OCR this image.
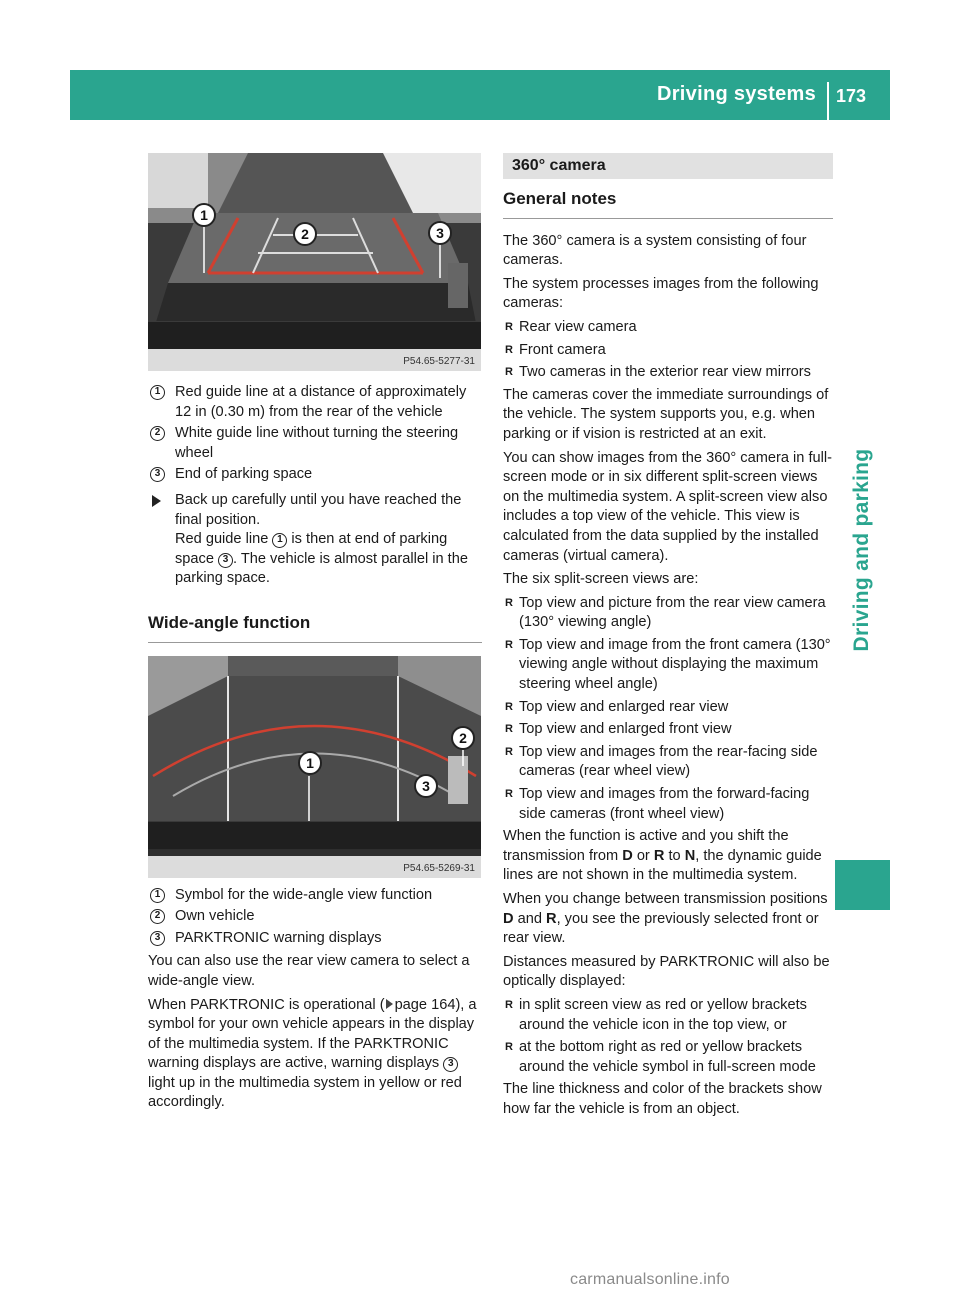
Driving systems 173
Driving and parking
1
2	3
P54.65-5277-31
1	Red guide line at a distance of approximately 12 in (0.30 m) from the rear of the vehicle
2	White guide line without turning the steering wheel
3	End of parking space
Back up carefully until you have reached the final position.
Red guide line 1 is then at end of parking space 3 . The vehicle is almost parallel in the parking space.
Wide-angle function
1
2
3
P54.65-5269-31
1	Symbol for the wide-angle view function
2	Own vehicle
3	PARKTRONIC warning displays

You can also use the rear view camera to select a wide-angle view.

When PARKTRONIC is operational ( page 164), a symbol for your own vehicle appears in the display of the multimedia system. If the PARKTRONIC warning displays are active, warning displays 3 light up in the multimedia system in yellow or red accordingly.

360° camera
General notes

The 360° camera is a system consisting of four cameras.

The system processes images from the following cameras:

R Rear view camera
R Front camera
R Two cameras in the exterior rear view mirrors

The cameras cover the immediate surroundings of the vehicle. The system supports you, e.g. when parking or if vision is restricted at an exit.

You can show images from the 360° camera in full-screen mode or in six different split-screen views on the multimedia system. A split-screen view also includes a top view of the vehicle. This view is calculated from the data supplied by the installed cameras (virtual camera).

The six split-screen views are:

R Top view and picture from the rear view camera (130° viewing angle)
R Top view and image from the front camera (130° viewing angle without displaying the maximum steering wheel angle)
R Top view and enlarged rear view
R Top view and enlarged front view
R Top view and images from the rear-facing side cameras (rear wheel view)
R Top view and images from the forward-facing side cameras (front wheel view)

When the function is active and you shift the transmission from D or R to N, the dynamic guide lines are not shown in the multimedia system.

When you change between transmission positions D and R, you see the previously selected front or rear view.

Distances measured by PARKTRONIC will also be optically displayed:

R in split screen view as red or yellow brackets around the vehicle icon in the top view, or
R at the bottom right as red or yellow brackets around the vehicle symbol in full-screen mode

The line thickness and color of the brackets show how far the vehicle is from an object.

carmanualsonline.info
